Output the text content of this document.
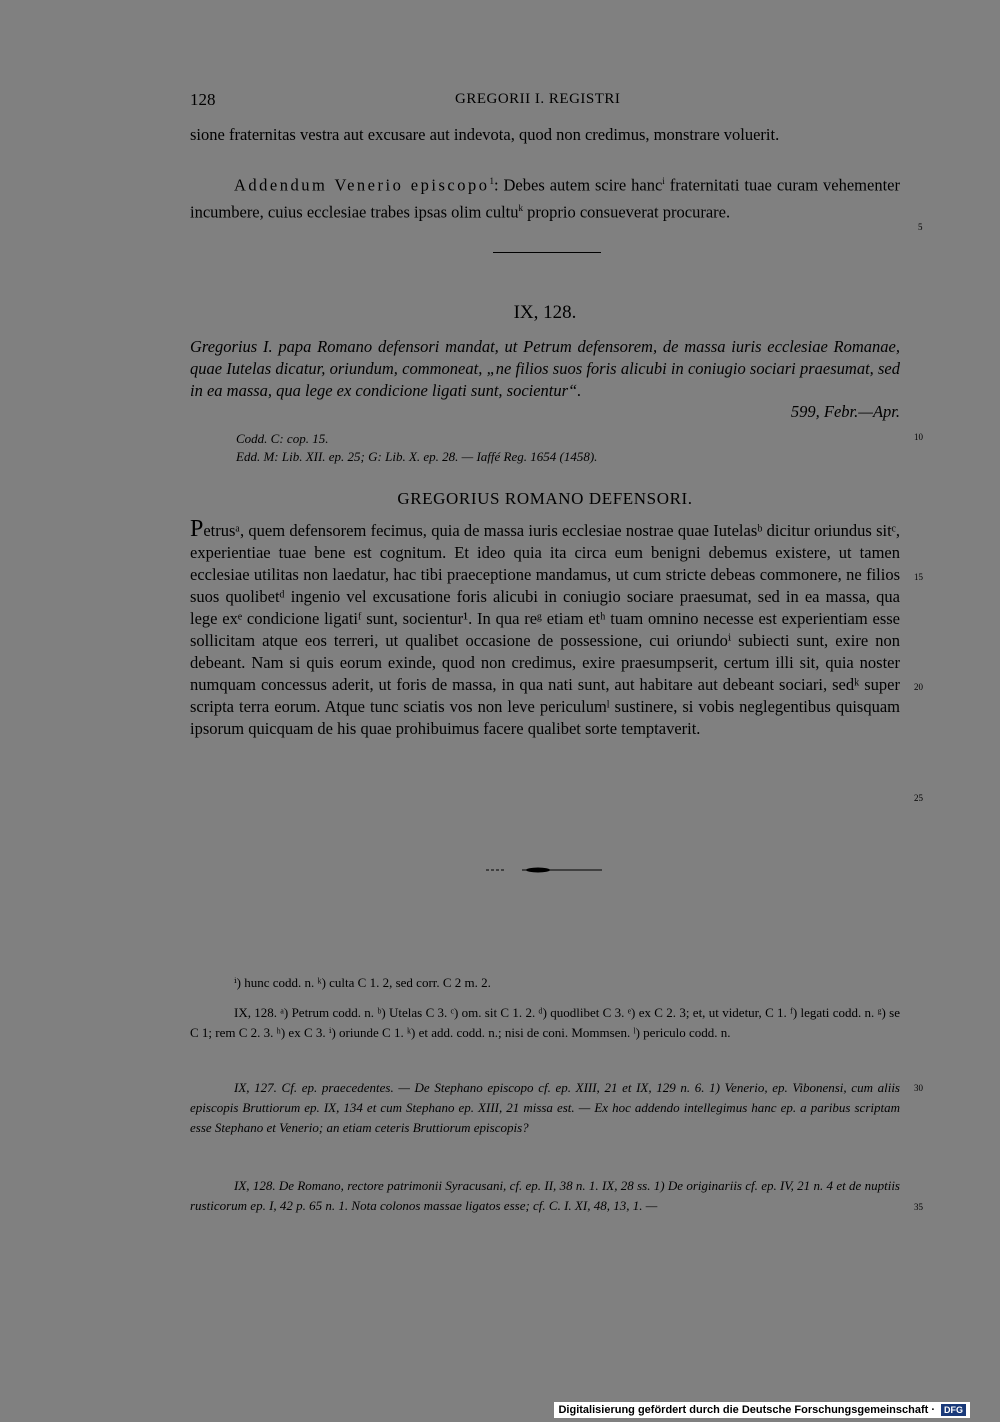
128	GREGORII I. REGISTRI
sione fraternitas vestra aut excusare aut indevota, quod non credimus, monstrare voluerit.
Addendum Venerio episcopo$^1$: Debes autem scire hanc$^i$ fraternitati tuae curam vehementer incumbere, cuius ecclesiae trabes ipsas olim cultu$^k$ proprio consueverat procurare.
5
IX, 128.
Gregorius I. papa Romano defensori mandat, ut Petrum defensorem, de massa iuris ecclesiae Romanae, quae Iutelas dicatur, oriundum, commoneat, „ne filios suos foris alicubi in coniugio sociari praesumat, sed in ea massa, qua lege ex condicione ligati sunt, socientur“.
599, Febr.—Apr.
Codd. C: cop. 15.	10
Edd. M: Lib. XII. ep. 25; G: Lib. X. ep. 28. — Iaffé Reg. 1654 (1458).
GREGORIUS ROMANO DEFENSORI.
Petrusᵃ, quem defensorem fecimus, quia de massa iuris ecclesiae nostrae quae Iutelasᵇ dicitur oriundus sitᶜ, experientiae tuae bene est cognitum. Et ideo quia ita circa eum benigni debemus existere, ut tamen ecclesiae utilitas non laedatur, hac tibi praeceptione mandamus, ut cum stricte debeas commonere, ne filios suos quolibetᵈ ingenio vel excusatione foris alicubi in coniugio sociare praesumat, sed in ea massa, qua lege exᵉ condicione ligatiᶠ sunt, socientur¹. In qua reᵍ etiam etʰ tuam omnino necesse est experientiam esse sollicitam atque eos terreri, ut qualibet occasione de possessione, cui oriundoⁱ subiecti sunt, exire non debeant. Nam si quis eorum exinde, quod non credimus, exire praesumpserit, certum illi sit, quia noster numquam concessus aderit, ut foris de massa, in qua nati sunt, aut habitare aut debeant sociari, sedᵏ super scripta terra eorum. Atque tunc sciatis vos non leve periculumˡ sustinere, si vobis neglegentibus quisquam ipsorum quicquam de his quae prohibuimus facere qualibet sorte temptaverit.
15
20
25
ⁱ) hunc codd. n. ᵏ) culta C 1. 2, sed corr. C 2 m. 2.
IX, 128. ᵃ) Petrum codd. n. ᵇ) Utelas C 3. ᶜ) om. sit C 1. 2. ᵈ) quodlibet C 3. ᵉ) ex C 2. 3; et, ut videtur, C 1. ᶠ) legati codd. n. ᵍ) se C 1; rem C 2. 3. ʰ) ex C 3. ⁱ) oriunde C 1. ᵏ) et add. codd. n.; nisi de coni. Mommsen. ˡ) periculo codd. n.
IX, 127. Cf. ep. praecedentes. — De Stephano episcopo cf. ep. XIII, 21 et IX, 129 n. 6. 1) Venerio, ep. Vibonensi, cum aliis episcopis Bruttiorum ep. IX, 134 et cum Stephano ep. XIII, 21 missa est. — Ex hoc addendo intellegimus hanc ep. a paribus scriptam esse Stephano et Venerio; an etiam ceteris Bruttiorum episcopis?
30
IX, 128. De Romano, rectore patrimonii Syracusani, cf. ep. II, 38 n. 1. IX, 28 ss. 1) De originariis cf. ep. IV, 21 n. 4 et de nuptiis rusticorum ep. I, 42 p. 65 n. 1. Nota colonos massae ligatos esse; cf. C. I. XI, 48, 13, 1. —	35
Digitalisierung gefördert durch die Deutsche Forschungsgemeinschaft ·	DFG
